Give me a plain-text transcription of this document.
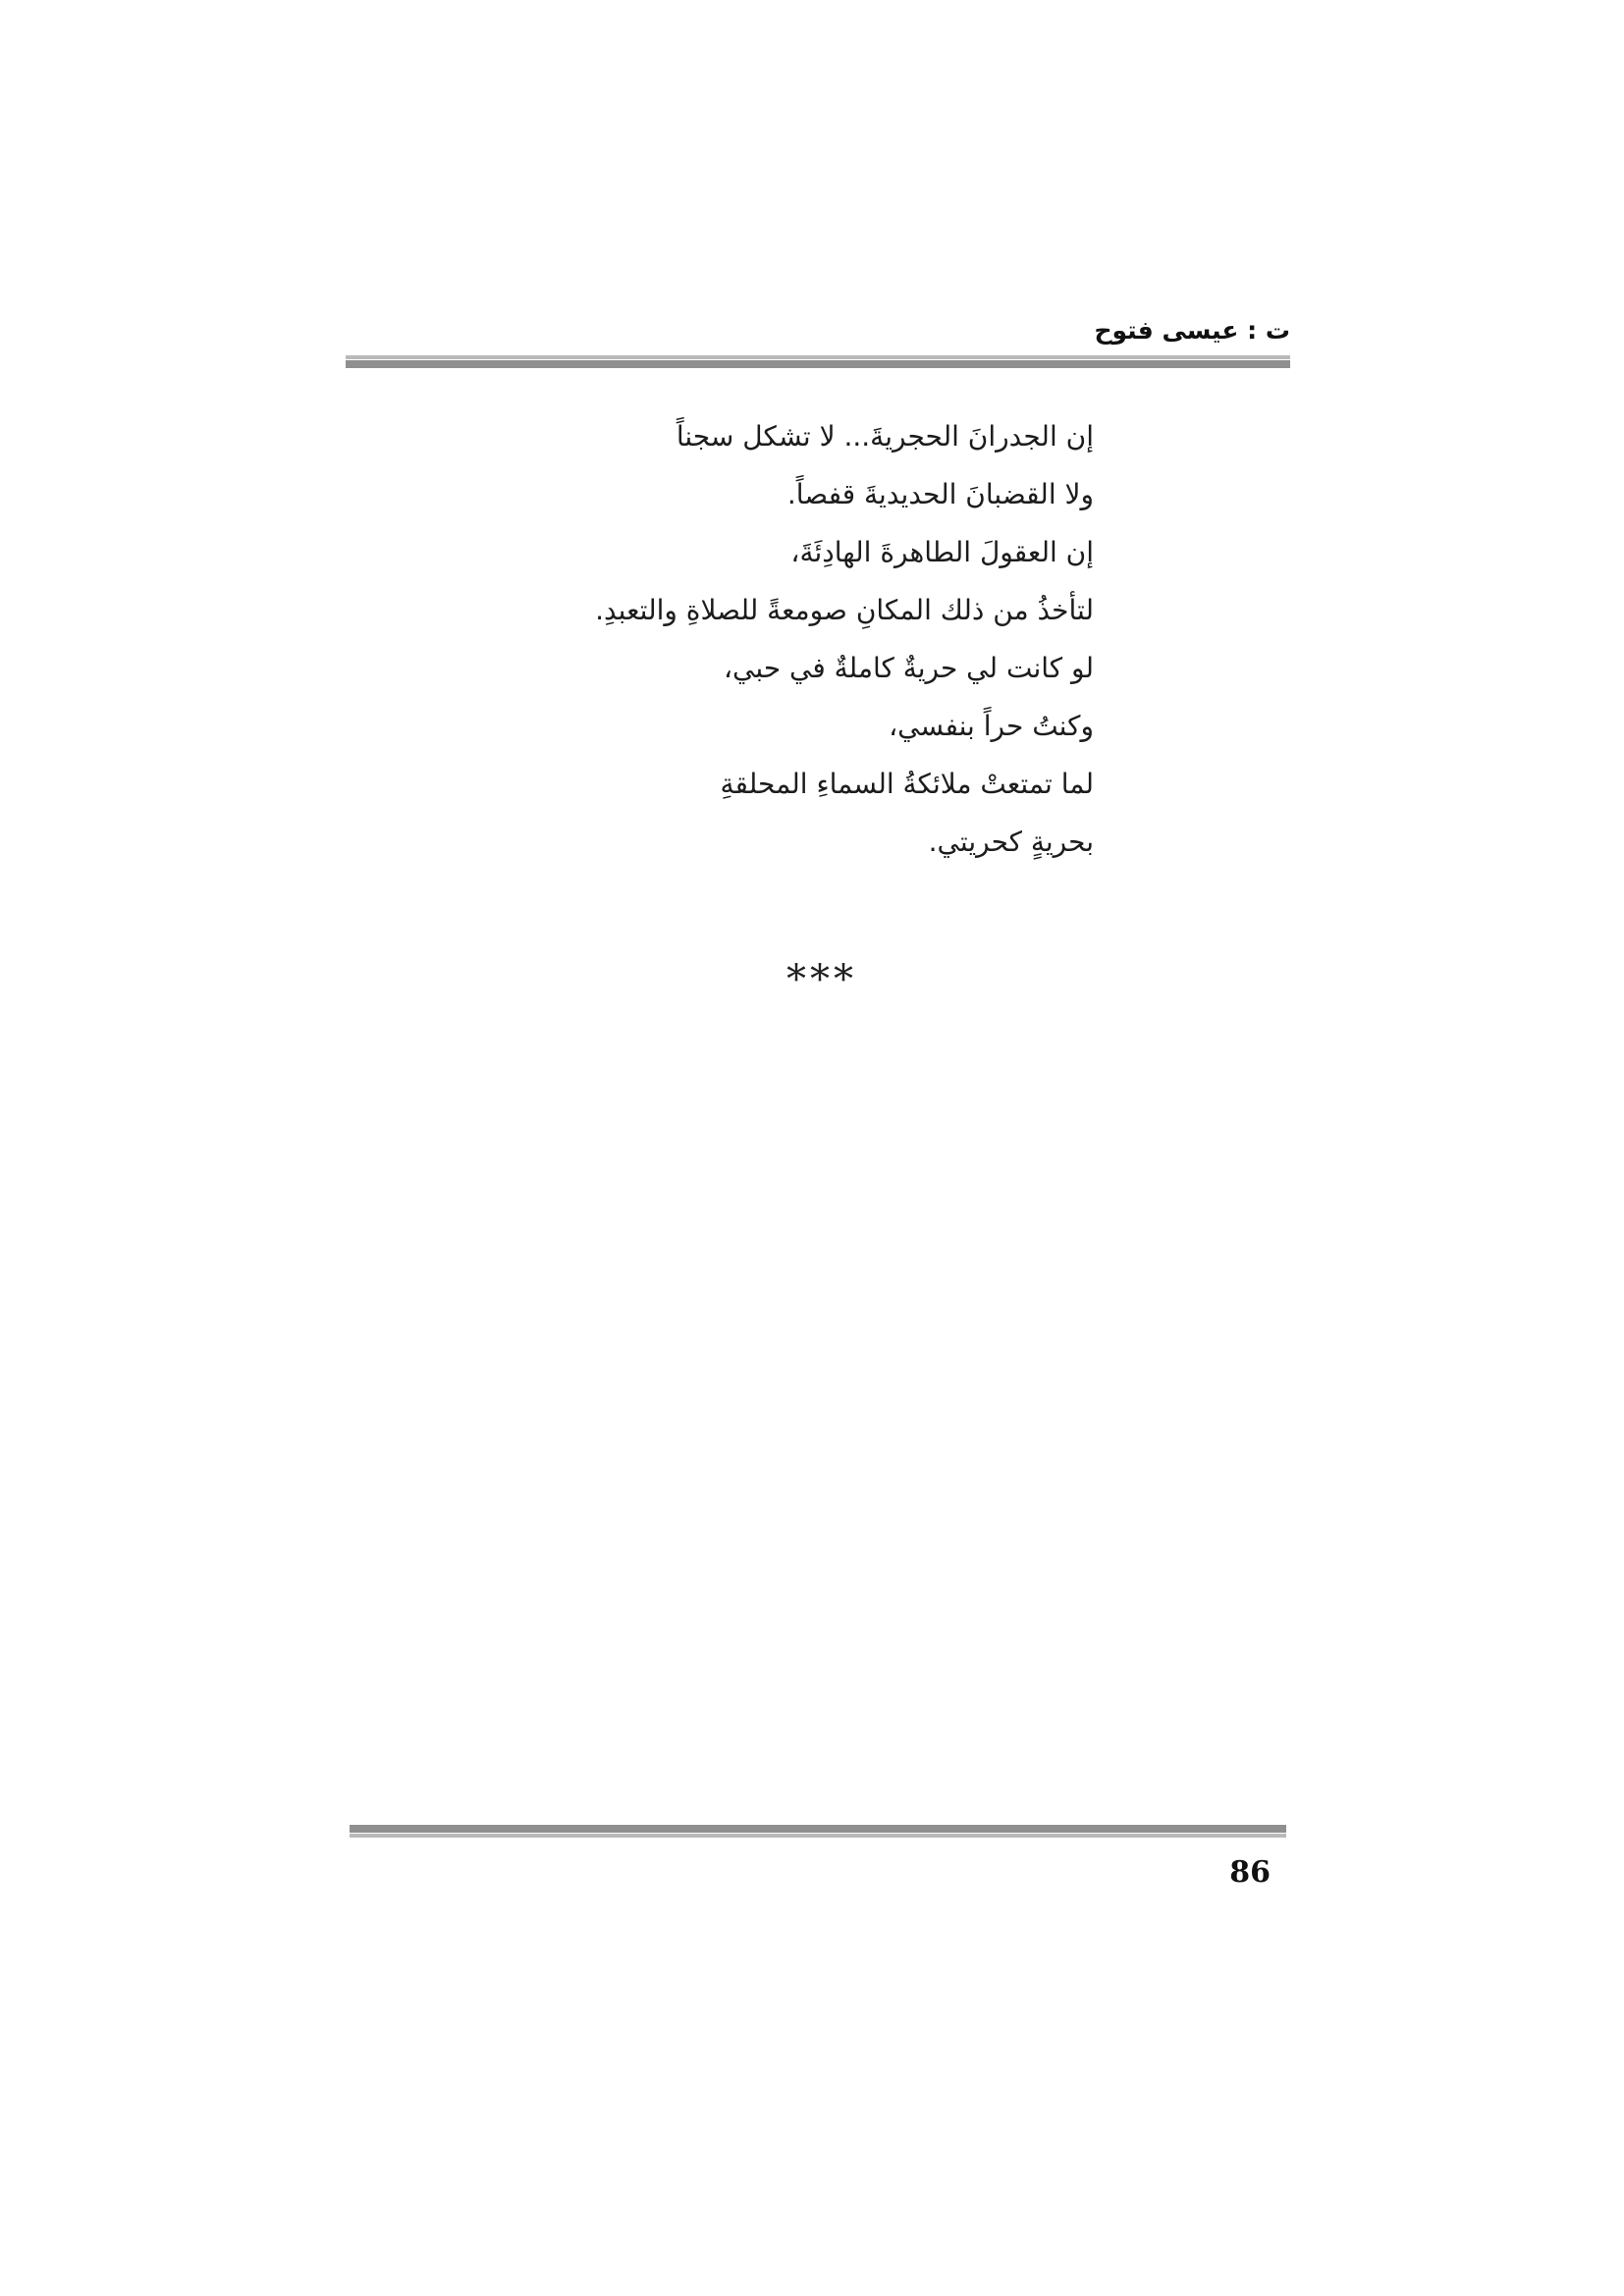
ت : عيسى فتوح
إن الجدرانَ الحجريةَ... لا تشكل سجناً
ولا القضبانَ الحديديةَ قفصاً.
إن العقولَ الطاهرةَ الهادِئَةَ،
لتأخذُ من ذلك المكانِ صومعةً للصلاةِ والتعبدِ.
لو كانت لي حريةٌ كاملةٌ في حبي،
وكنتُ حراً بنفسي،
لما تمتعتْ ملائكةُ السماءِ المحلقةِ
بحريةٍ كحريتي.
***
86
